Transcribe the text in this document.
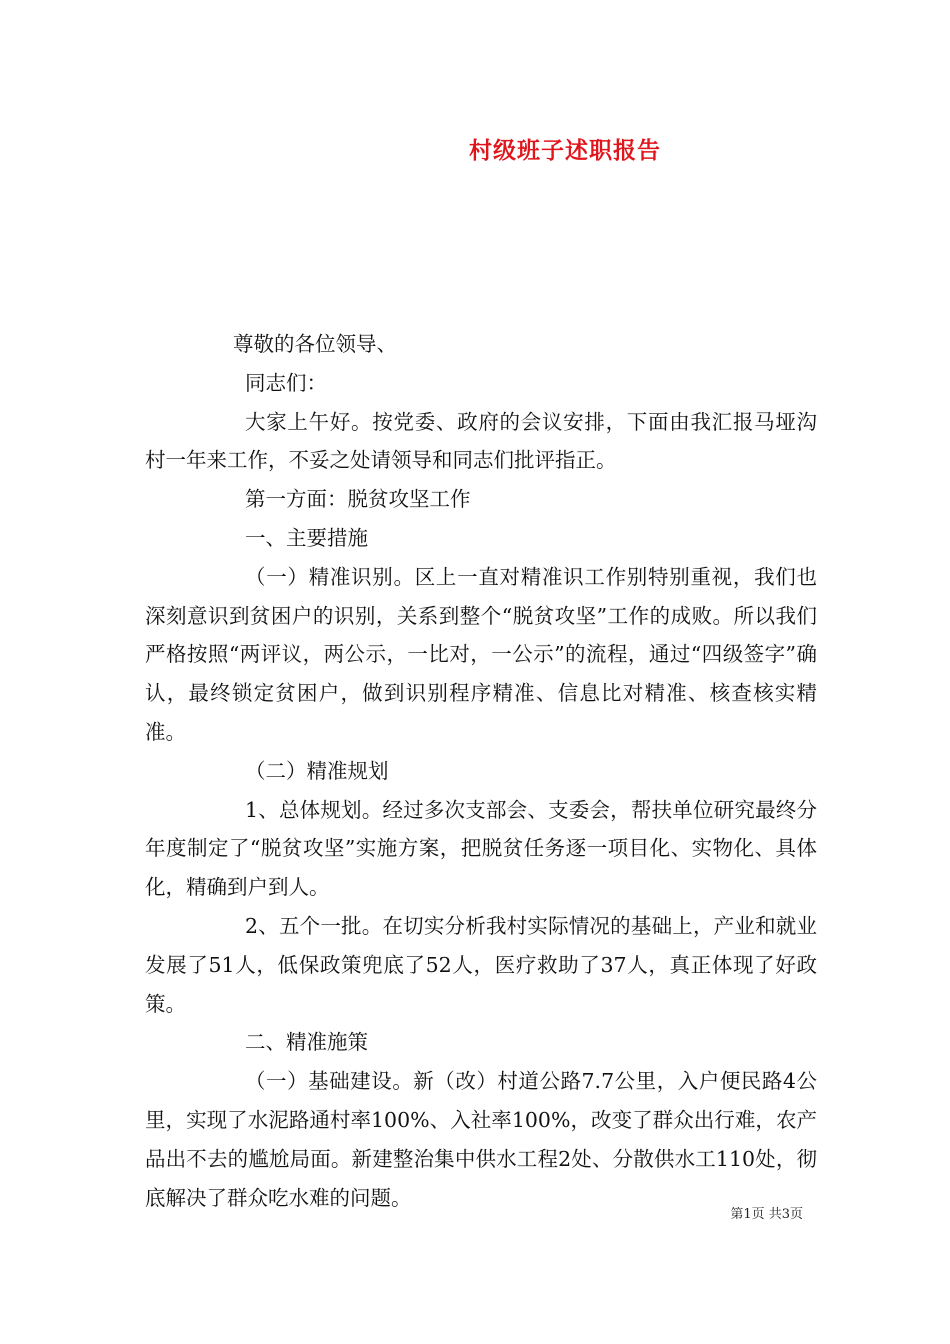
村级班子述职报告

尊敬的各位领导、

同志们：

大家上午好。按党委、政府的会议安排，下面由我汇报马垭沟村一年来工作，不妥之处请领导和同志们批评指正。

第一方面：脱贫攻坚工作

一、主要措施

（一）精准识别。区上一直对精准识工作别特别重视，我们也深刻意识到贫困户的识别，关系到整个“脱贫攻坚”工作的成败。所以我们严格按照“两评议，两公示，一比对，一公示”的流程，通过“四级签字”确认，最终锁定贫困户，做到识别程序精准、信息比对精准、核查核实精准。

（二）精准规划

1、总体规划。经过多次支部会、支委会，帮扶单位研究最终分年度制定了“脱贫攻坚”实施方案，把脱贫任务逐一项目化、实物化、具体化，精确到户到人。

2、五个一批。在切实分析我村实际情况的基础上，产业和就业发展了51人，低保政策兜底了52人，医疗救助了37人，真正体现了好政策。

二、精准施策

（一）基础建设。新（改）村道公路7.7公里，入户便民路4公里，实现了水泥路通村率100%、入社率100%，改变了群众出行难，农产品出不去的尴尬局面。新建整治集中供水工程2处、分散供水工110处，彻底解决了群众吃水难的问题。

第1页 共3页
